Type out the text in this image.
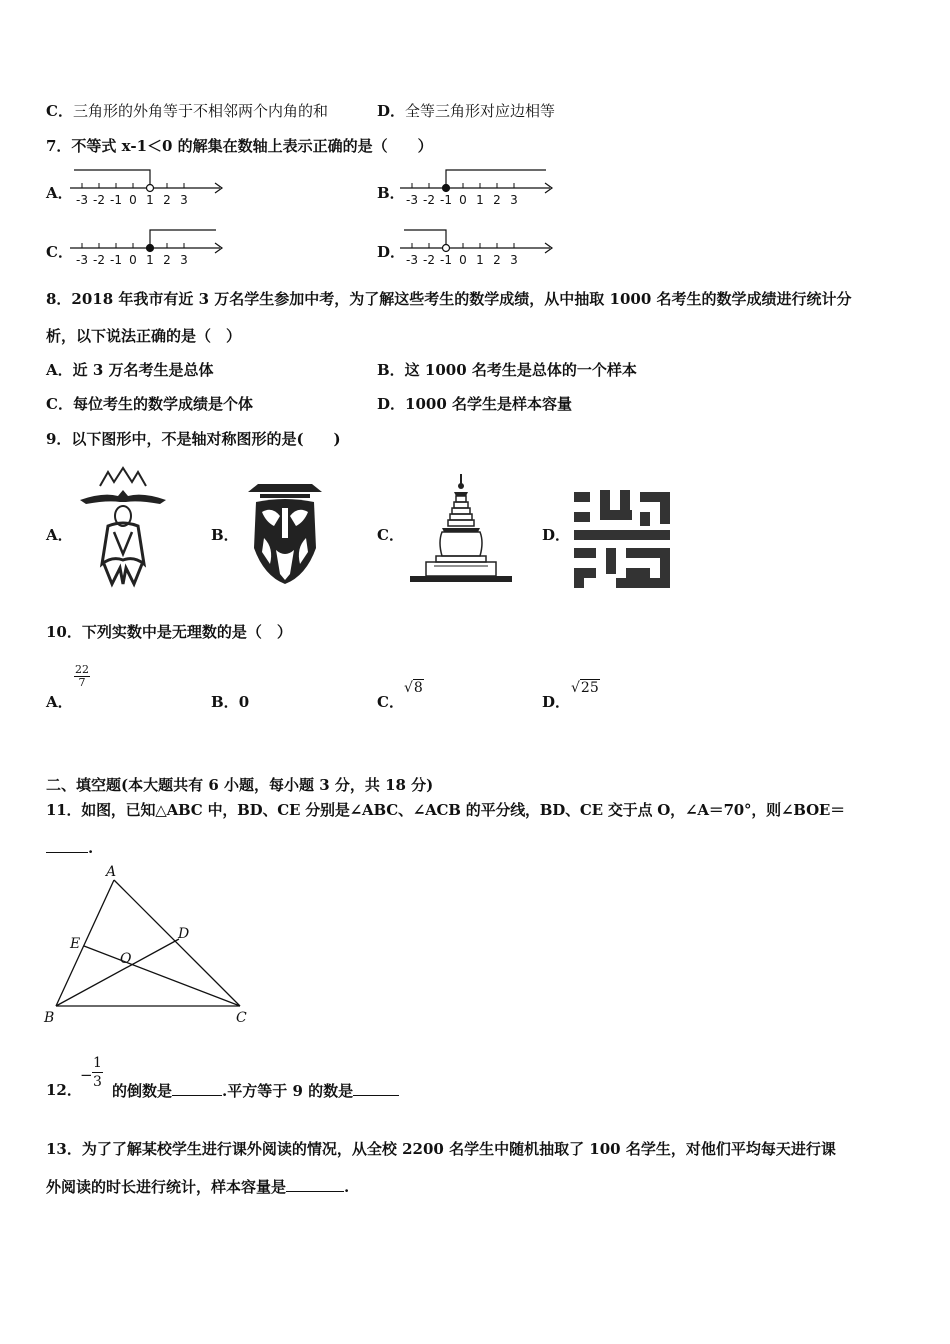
C．三角形的外角等于不相邻两个内角的和	D．全等三角形对应边相等
7．不等式 x-1＜0 的解集在数轴上表示正确的是（　　）
A．	B．
C．	D．
-3 -2 -1 0 1 2 3	-3 -2 -1 0 1 2 3
-3 -2 -1 0 1 2 3	-3 -2 -1 0 1 2 3
8．2018 年我市有近 3 万名学生参加中考，为了解这些考生的数学成绩，从中抽取 1000 名考生的数学成绩进行统计分
析，以下说法正确的是（　）
A．近 3 万名考生是总体	B．这 1000 名考生是总体的一个样本
C．每位考生的数学成绩是个体	D．1000 名学生是样本容量
9．以下图形中，不是轴对称图形的是(　　)
A．	B．	C．	D．
10．下列实数中是无理数的是（　）
A．
$\frac{22}{7}$
B．0	C．
√8
D．
√25
二、填空题(本大题共有 6 小题，每小题 3 分，共 18 分)
11．如图，已知△ABC 中，BD、CE 分别是∠ABC、∠ACB 的平分线，BD、CE 交于点 O，∠A＝70°，则∠BOE＝
.
A
B	C
D
E
O
12．
− $\frac{1}{3}$ 的倒数是	.平方等于 9 的数是
13．为了了解某校学生进行课外阅读的情况，从全校 2200 名学生中随机抽取了 100 名学生，对他们平均每天进行课
外阅读的时长进行统计，样本容量是	.
